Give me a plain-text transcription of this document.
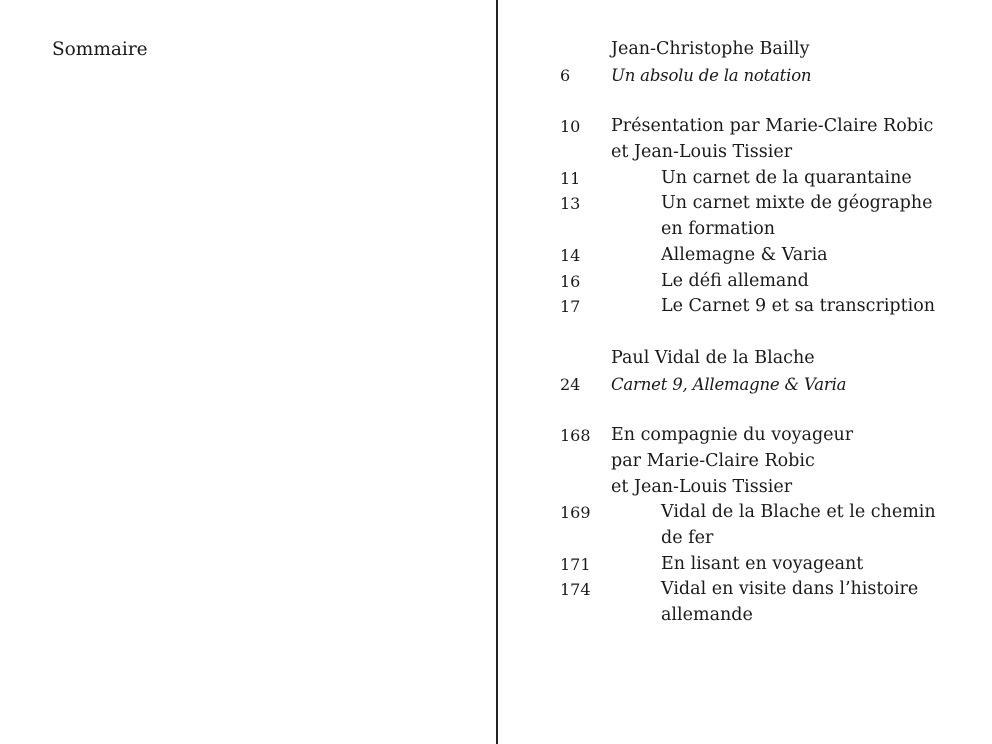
Sommaire	Jean-Christophe Bailly
6 Un absolu de la notation
10 Présentation par Marie-Claire Robic
et Jean-Louis Tissier
11	Un carnet de la quarantaine
13	Un carnet mixte de géographe
en formation
14	Allemagne & Varia
16	Le défi allemand
17	Le Carnet 9 et sa transcription
Paul Vidal de la Blache
24 Carnet 9, Allemagne & Varia
168 En compagnie du voyageur
par Marie-Claire Robic
et Jean-Louis Tissier
169	Vidal de la Blache et le chemin
de fer
171	En lisant en voyageant
174	Vidal en visite dans l’histoire
allemande
